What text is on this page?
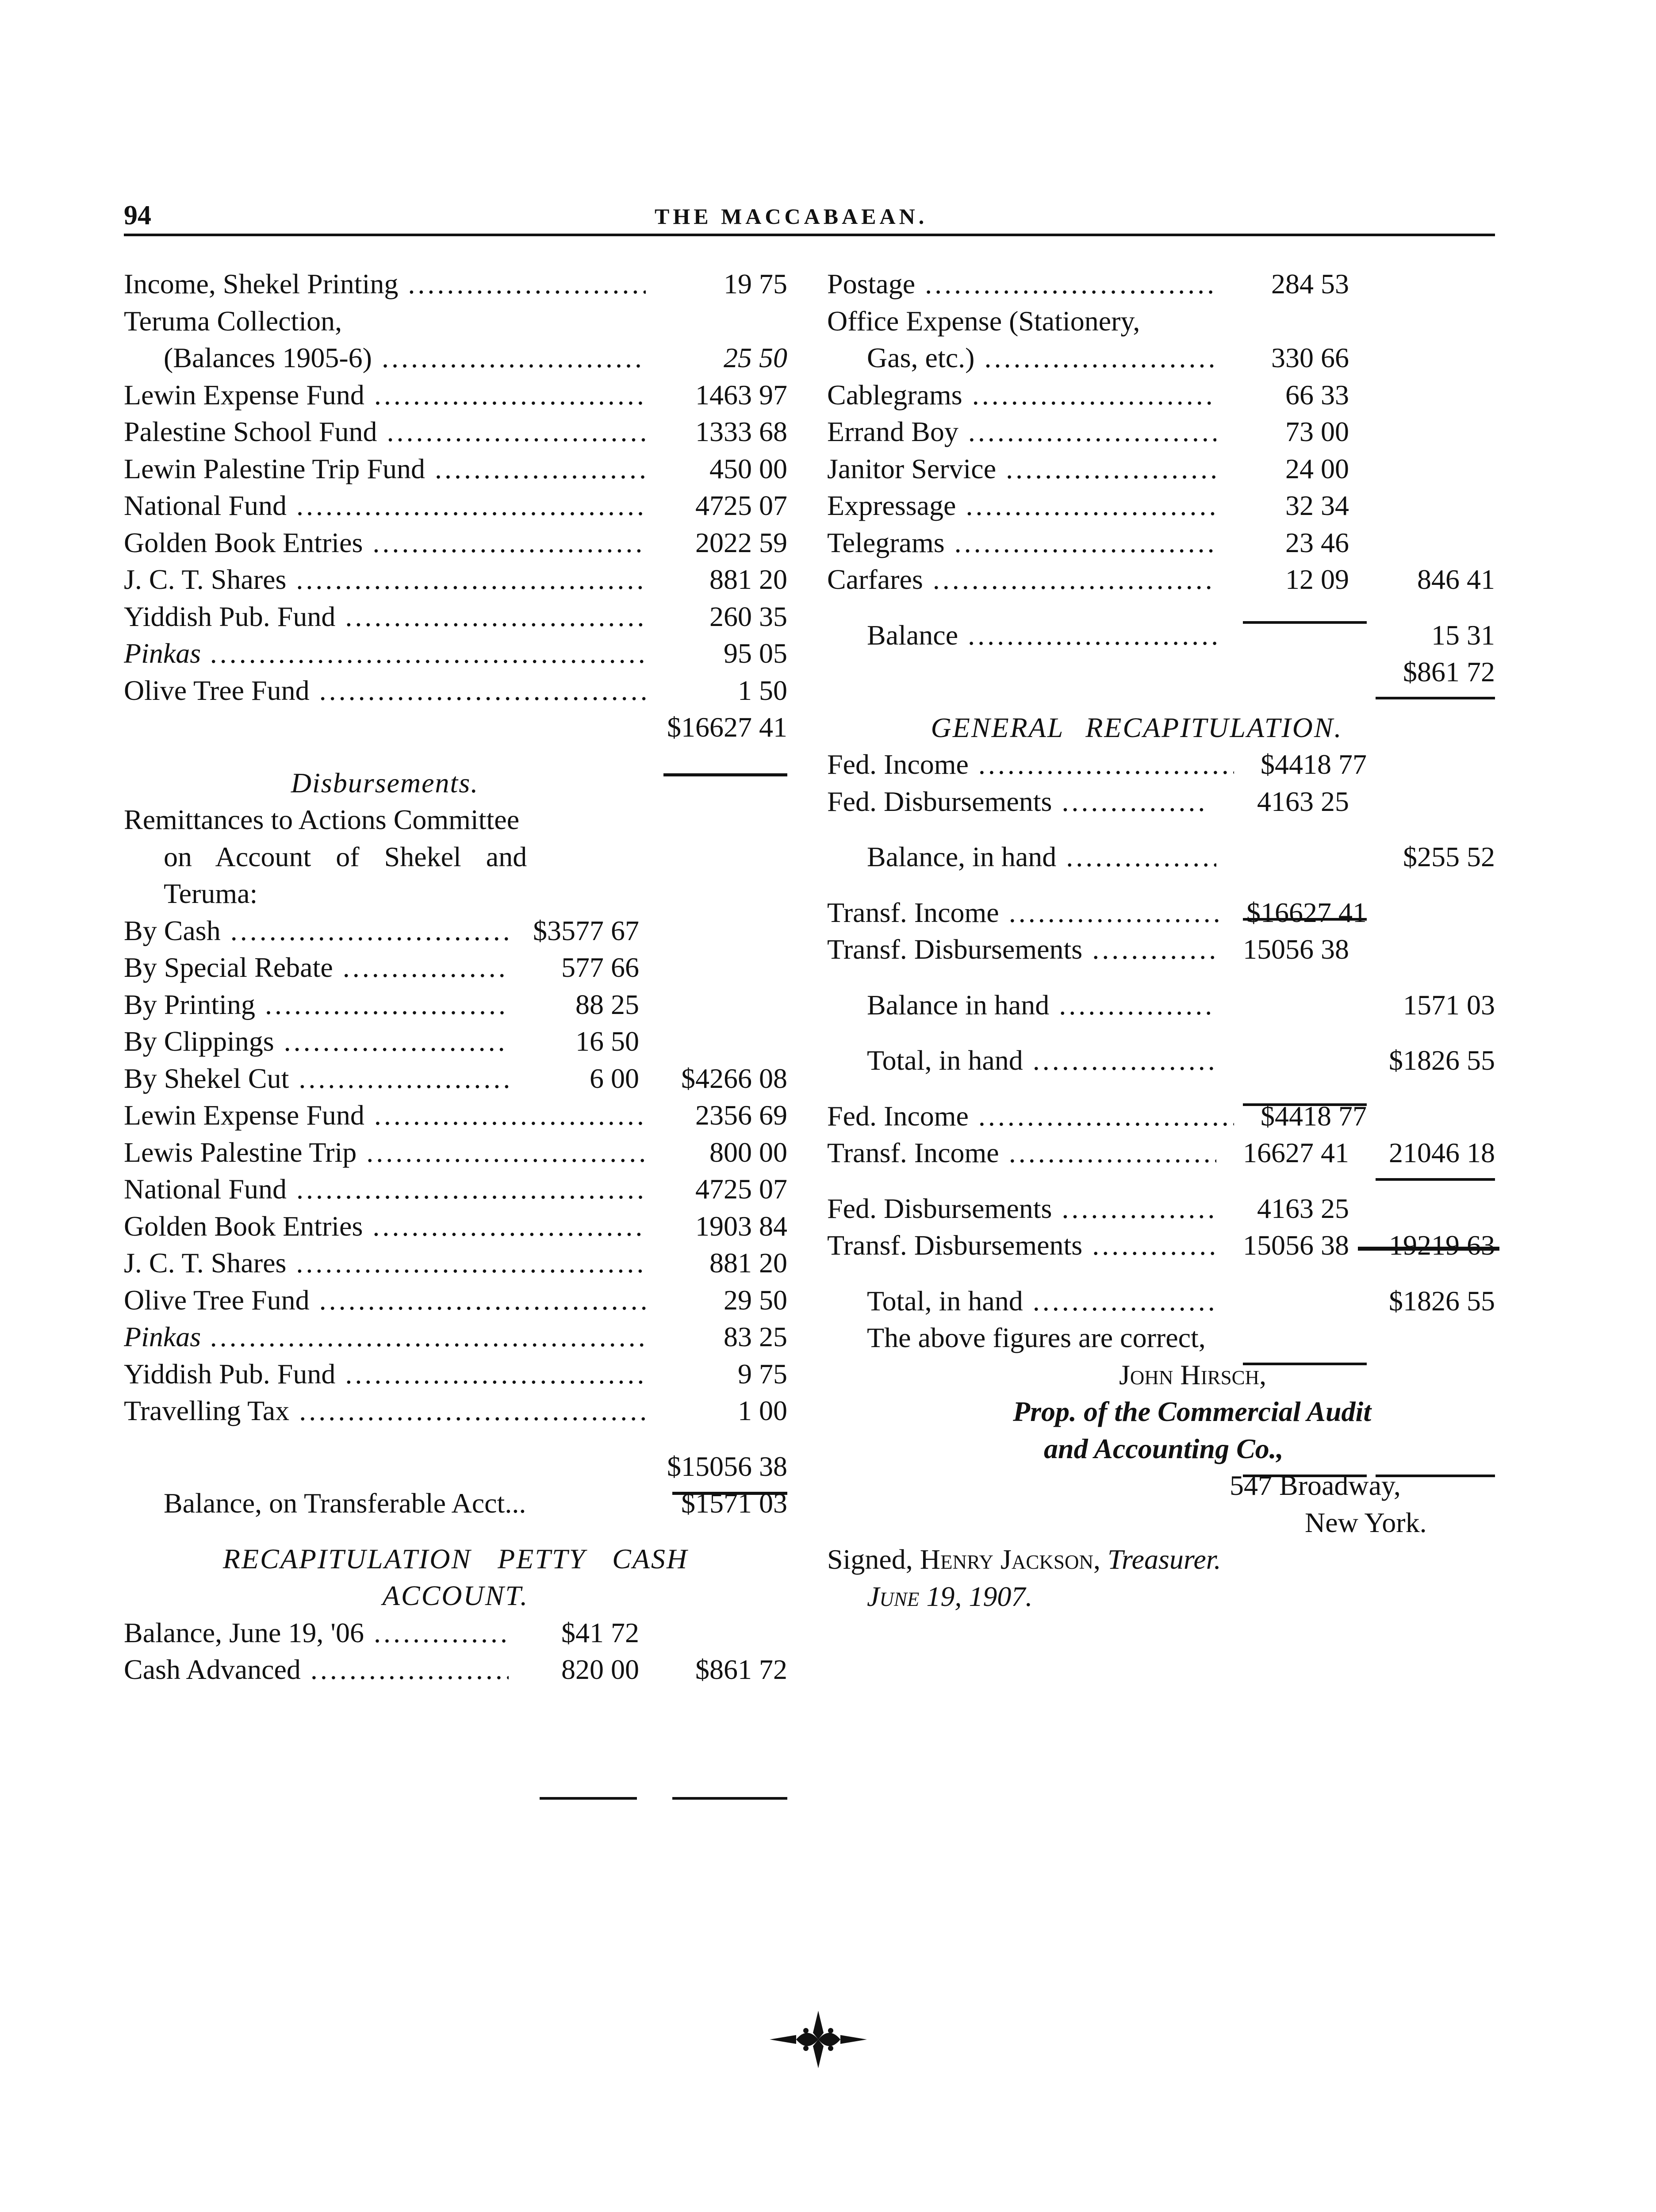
94	THE MACCABAEAN.
Income, Shekel Printing .....	19 75
Teruma Collection,
(Balances 1905-6) .....	25 50
Lewin Expense Fund .....	1463 97
Palestine School Fund .....	1333 68
Lewin Palestine Trip Fund .....	450 00
National Fund .....	4725 07
Golden Book Entries .....	2022 59
J. C. T. Shares .....	881 20
Yiddish Pub. Fund .....	260 35
Pinkas .....	95 05
Olive Tree Fund .....	1 50
$16627 41
Disbursements.
Remittances to Actions Committee
on Account of Shekel and
Teruma:
By Cash .....	$3577 67
By Special Rebate .....	577 66
By Printing .....	88 25
By Clippings .....	16 50
By Shekel Cut .....	6 00	$4266 08
Lewin Expense Fund .....	2356 69
Lewis Palestine Trip .....	800 00
National Fund .....	4725 07
Golden Book Entries .....	1903 84
J. C. T. Shares .....	881 20
Olive Tree Fund .....	29 50
Pinkas .....	83 25
Yiddish Pub. Fund .....	9 75
Travelling Tax .....	1 00
$15056 38
Balance, on Transferable Acct...	$1571 03
RECAPITULATION PETTY CASH
ACCOUNT.
Balance, June 19, '06 .....	$41 72
Cash Advanced .....	820 00	$861 72
Postage .....	284 53
Office Expense (Stationery,
Gas, etc.) .....	330 66
Cablegrams .....	66 33
Errand Boy .....	73 00
Janitor Service .....	24 00
Expressage .....	32 34
Telegrams .....	23 46
Carfares .....	12 09	846 41
Balance .....	15 31
$861 72
GENERAL RECAPITULATION.
Fed. Income .....	$4418 77
Fed. Disbursements .....	4163 25
Balance, in hand .....	$255 52
Transf. Income .....	$16627 41
Transf. Disbursements .....	15056 38
Balance in hand .....	1571 03
Total, in hand .....	$1826 55
Fed. Income .....	$4418 77
Transf. Income .....	16627 41	21046 18
Fed. Disbursements .....	4163 25
Transf. Disbursements .....	15056 38	19219 63
Total, in hand .....	$1826 55
The above figures are correct,
John Hirsch,
Prop. of the Commercial Audit
and Accounting Co.,
547 Broadway,
New York.
Signed, Henry Jackson, Treasurer.
June 19, 1907.
